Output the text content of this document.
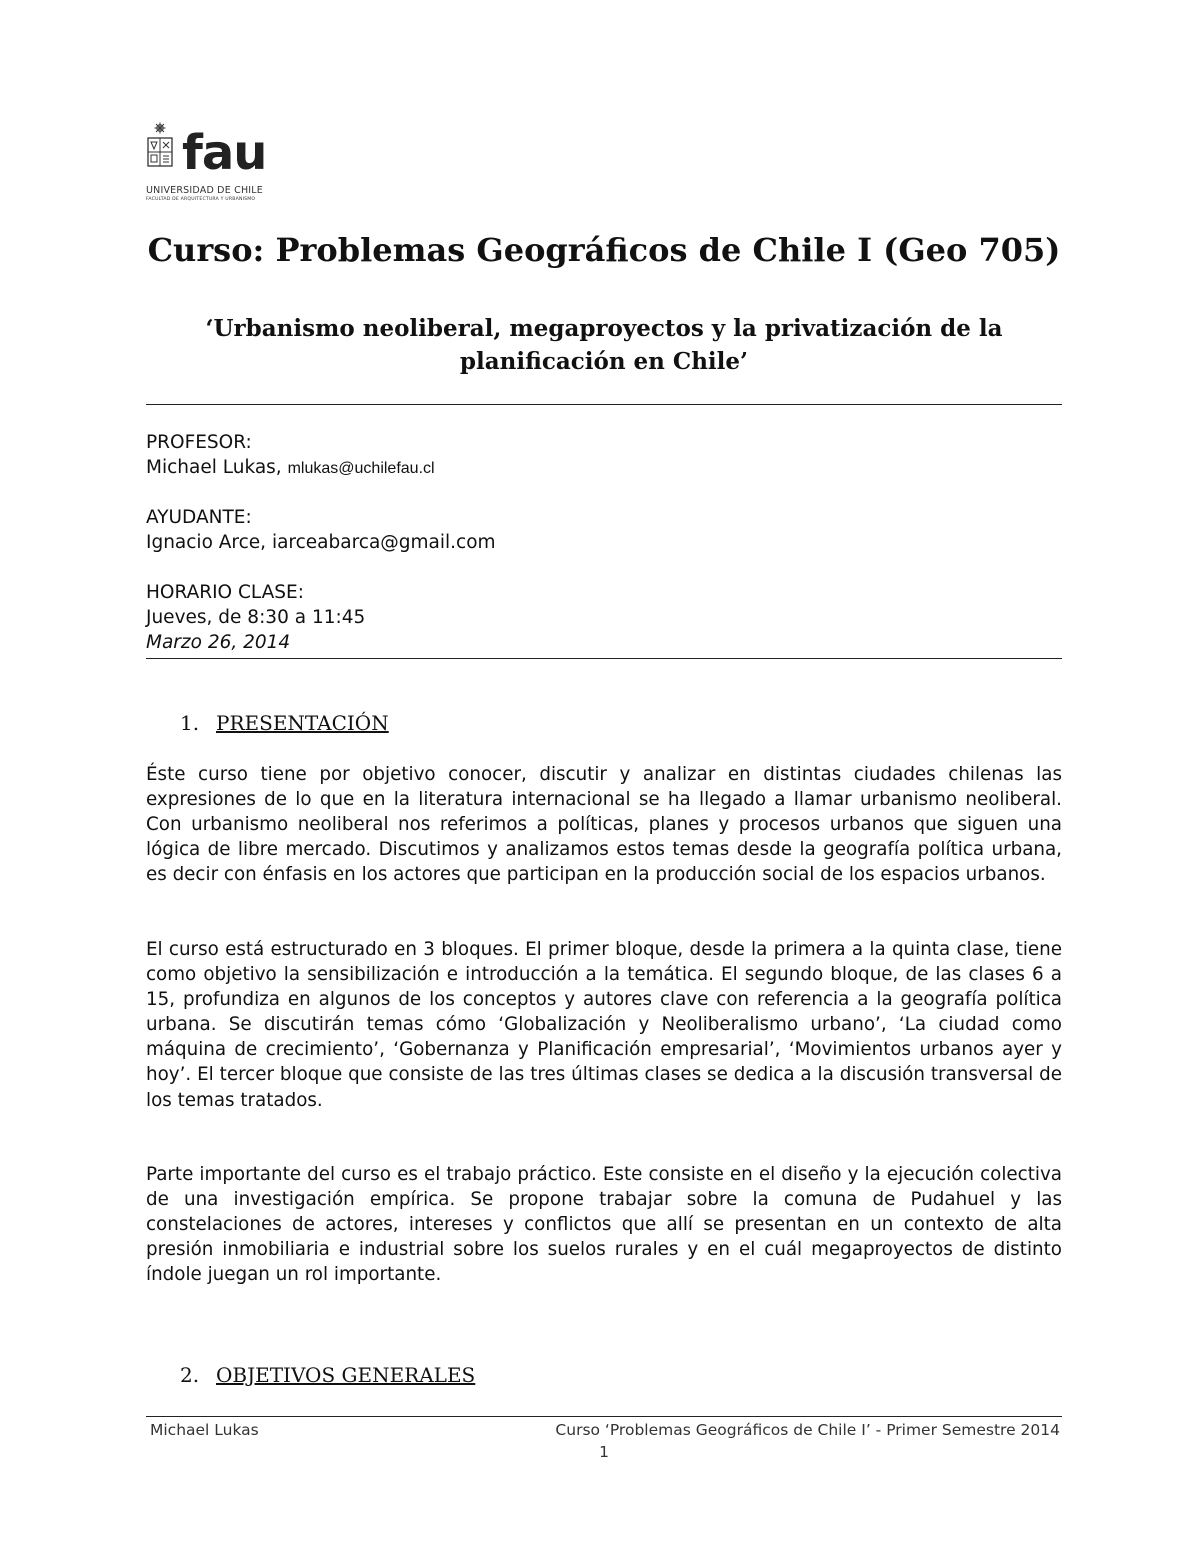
fau
UNIVERSIDAD DE CHILE
FACULTAD DE ARQUITECTURA Y URBANISMO
Curso: Problemas Geográficos de Chile I (Geo 705)
‘Urbanismo neoliberal, megaproyectos y la privatización de la planificación en Chile’
PROFESOR:
Michael Lukas, mlukas@uchilefau.cl
AYUDANTE:
Ignacio Arce, iarceabarca@gmail.com
HORARIO CLASE:
Jueves, de 8:30 a 11:45
Marzo 26, 2014
1. PRESENTACIÓN

Éste curso tiene por objetivo conocer, discutir y analizar en distintas ciudades chilenas las expresiones de lo que en la literatura internacional se ha llegado a llamar urbanismo neoliberal. Con urbanismo neoliberal nos referimos a políticas, planes y procesos urbanos que siguen una lógica de libre mercado. Discutimos y analizamos estos temas desde la geografía política urbana, es decir con énfasis en los actores que participan en la producción social de los espacios urbanos.

El curso está estructurado en 3 bloques. El primer bloque, desde la primera a la quinta clase, tiene como objetivo la sensibilización e introducción a la temática. El segundo bloque, de las clases 6 a 15, profundiza en algunos de los conceptos y autores clave con referencia a la geografía política urbana. Se discutirán temas cómo ‘Globalización y Neoliberalismo urbano’, ‘La ciudad como máquina de crecimiento’, ‘Gobernanza y Planificación empresarial’, ‘Movimientos urbanos ayer y hoy’. El tercer bloque que consiste de las tres últimas clases se dedica a la discusión transversal de los temas tratados.

Parte importante del curso es el trabajo práctico. Este consiste en el diseño y la ejecución colectiva de una investigación empírica. Se propone trabajar sobre la comuna de Pudahuel y las constelaciones de actores, intereses y conflictos que allí se presentan en un contexto de alta presión inmobiliaria e industrial sobre los suelos rurales y en el cuál megaproyectos de distinto índole juegan un rol importante.

2. OBJETIVOS GENERALES
Michael Lukas	Curso ‘Problemas Geográficos de Chile I’ - Primer Semestre 2014
1
